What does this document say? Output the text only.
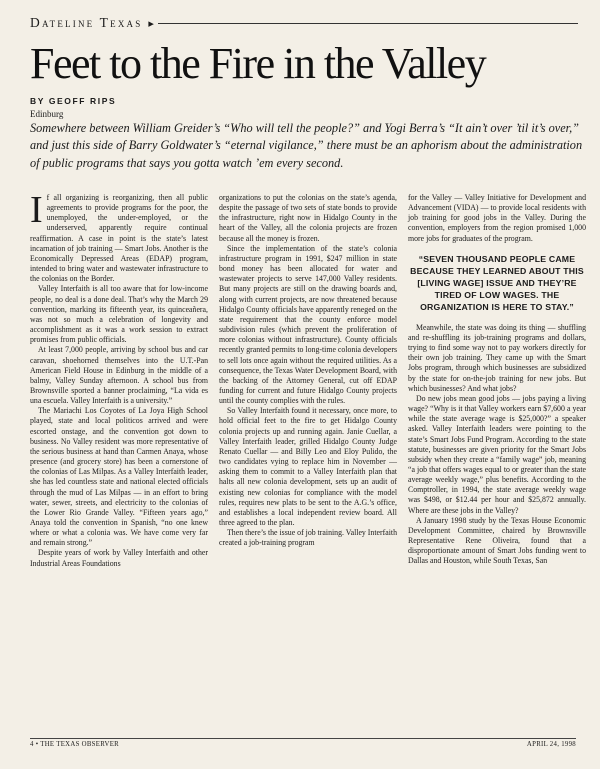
Dateline Texas ▸
Feet to the Fire in the Valley
BY GEOFF RIPS
Edinburg
Somewhere between William Greider’s “Who will tell the people?” and Yogi Berra’s “It ain’t over ’til it’s over,” and just this side of Barry Goldwater’s “eternal vigilance,” there must be an aphorism about the administration of public programs that says you gotta watch ’em every second.

If all organizing is reorganizing, then all public agreements to provide programs for the poor, the unemployed, the under-employed, or the underserved, apparently require continual reaffirmation. A case in point is the state’s latest incarnation of job training — Smart Jobs. Another is the Economically Depressed Areas (EDAP) program, intended to bring water and wastewater infrastructure to the colonias on the Border.

Valley Interfaith is all too aware that for low-income people, no deal is a done deal. That’s why the March 29 convention, marking its fifteenth year, its quinceañera, was not so much a celebration of longevity and accomplishment as it was a work session to extract promises from public officials.

At least 7,000 people, arriving by school bus and car caravan, shoehorned themselves into the U.T.-Pan American Field House in Edinburg in the middle of a balmy, Valley Sunday afternoon. A school bus from Brownsville sported a banner proclaiming, “La vida es una escuela. Valley Interfaith is a university.”

The Mariachi Los Coyotes of La Joya High School played, state and local politicos arrived and were escorted onstage, and the convention got down to business. No Valley resident was more representative of the serious business at hand than Carmen Anaya, whose presence (and grocery store) has been a cornerstone of the colonias of Las Milpas. As a Valley Interfaith leader, she has led countless state and national elected officials through the mud of Las Milpas — in an effort to bring water, sewer, streets, and electricity to the colonias of the Lower Rio Grande Valley. “Fifteen years ago,” Anaya told the convention in Spanish, “no one knew where or what a colonia was. We have come very far and remain strong.”

Despite years of work by Valley Interfaith and other Industrial Areas Foundations

organizations to put the colonias on the state’s agenda, despite the passage of two sets of state bonds to provide the infrastructure, right now in Hidalgo County in the heart of the Valley, all the colonia projects are frozen because all the money is frozen.

Since the implementation of the state’s colonia infrastructure program in 1991, $247 million in state bond money has been allocated for water and wastewater projects to serve 147,000 Valley residents. But many projects are still on the drawing boards and, along with current projects, are now threatened because Hidalgo County officials have apparently reneged on the state requirement that the county enforce model subdivision rules (which prevent the proliferation of more colonias without infrastructure). County officials recently granted permits to long-time colonia developers to sell lots once again without the required utilities. As a consequence, the Texas Water Development Board, with the backing of the Attorney General, cut off EDAP funding for current and future Hidalgo County projects until the county complies with the rules.

So Valley Interfaith found it necessary, once more, to hold official feet to the fire to get Hidalgo County colonia projects up and running again. Janie Cuellar, a Valley Interfaith leader, grilled Hidalgo County Judge Renato Cuellar — and Billy Leo and Eloy Pulido, the two candidates vying to replace him in November — asking them to commit to a Valley Interfaith plan that halts all new colonia development, sets up an audit of existing new colonias for compliance with the model rules, requires new plats to be sent to the A.G.’s office, and establishes a local independent review board. All three agreed to the plan.

Then there’s the issue of job training. Valley Interfaith created a job-training program

for the Valley — Valley Initiative for Development and Advancement (VIDA) — to provide local residents with job training for good jobs in the Valley. During the convention, employers from the region promised 1,000 more jobs for graduates of the program.

“SEVEN THOUSAND PEOPLE CAME BECAUSE THEY LEARNED ABOUT THIS [LIVING WAGE] ISSUE AND THEY’RE TIRED OF LOW WAGES. THE ORGANIZATION IS HERE TO STAY.”

Meanwhile, the state was doing its thing — shuffling and re-shuffling its job-training programs and dollars, trying to find some way not to pay workers directly for their own job training. They came up with the Smart Jobs program, through which businesses are subsidized by the state for on-the-job training for new jobs. But which businesses? And what jobs?

Do new jobs mean good jobs — jobs paying a living wage? “Why is it that Valley workers earn $7,600 a year while the state average wage is $25,000?” a speaker asked. Valley Interfaith leaders were pointing to the state’s Smart Jobs Fund Program. According to the state statute, businesses are given priority for the Smart Jobs subsidy when they create a “family wage” job, meaning “a job that offers wages equal to or greater than the state average weekly wage,” plus benefits. According to the Comptroller, in 1994, the state average weekly wage was $498, or $12.44 per hour and $25,872 annually. Where are these jobs in the Valley?

A January 1998 study by the Texas House Economic Development Committee, chaired by Brownsville Representative Rene Oliveira, found that a disproportionate amount of Smart Jobs funding went to Dallas and Houston, while South Texas, San

4 • THE TEXAS OBSERVER	APRIL 24, 1998
